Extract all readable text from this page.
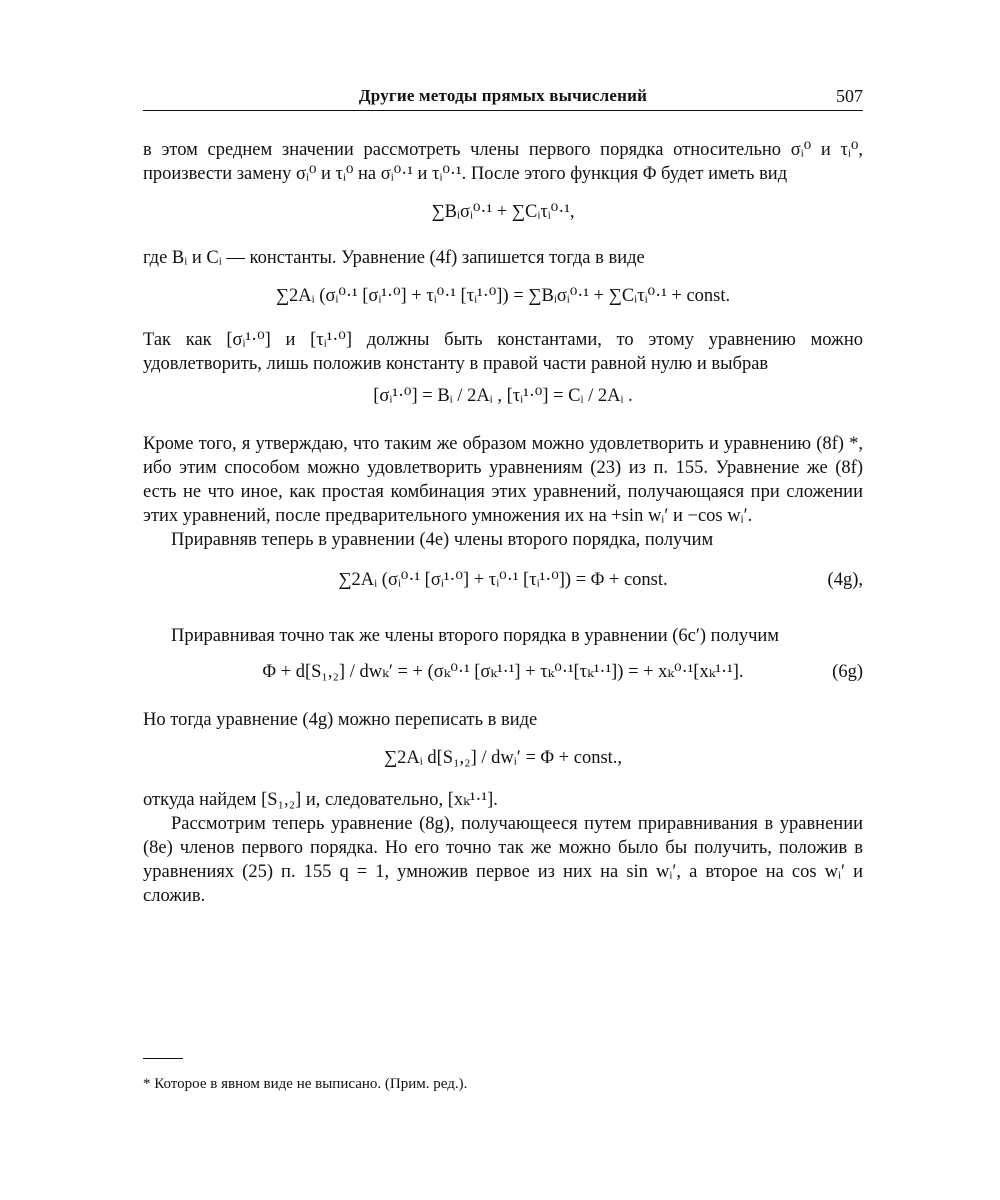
Другие методы прямых вычислений	507

в этом среднем значении рассмотреть члены первого порядка относительно σᵢ⁰ и τᵢ⁰, произвести замену σᵢ⁰ и τᵢ⁰ на σᵢ⁰·¹ и τᵢ⁰·¹. После этого функция Φ будет иметь вид

∑Bᵢσᵢ⁰·¹ + ∑Cᵢτᵢ⁰·¹,

где Bᵢ и Cᵢ — константы. Уравнение (4f) запишется тогда в виде

∑2Aᵢ (σᵢ⁰·¹ [σᵢ¹·⁰] + τᵢ⁰·¹ [τᵢ¹·⁰]) = ∑Bᵢσᵢ⁰·¹ + ∑Cᵢτᵢ⁰·¹ + const.

Так как [σᵢ¹·⁰] и [τᵢ¹·⁰] должны быть константами, то этому уравнению можно удовлетворить, лишь положив константу в правой части равной нулю и выбрав

[σᵢ¹·⁰] = Bᵢ / 2Aᵢ , [τᵢ¹·⁰] = Cᵢ / 2Aᵢ .

Кроме того, я утверждаю, что таким же образом можно удовлетворить и уравнению (8f) *, ибо этим способом можно удовлетворить уравнениям (23) из п. 155. Уравнение же (8f) есть не что иное, как простая комбинация этих уравнений, получающаяся при сложении этих уравнений, после предварительного умножения их на +sin wᵢ′ и −cos wᵢ′.

Приравняв теперь в уравнении (4e) члены второго порядка, получим

∑2Aᵢ (σᵢ⁰·¹ [σᵢ¹·⁰] + τᵢ⁰·¹ [τᵢ¹·⁰]) = Φ + const.	(4g),

Приравнивая точно так же члены второго порядка в уравнении (6c′) получим

Φ + d[S₁,₂] / dwₖ′ = + (σₖ⁰·¹ [σₖ¹·¹] + τₖ⁰·¹[τₖ¹·¹]) = + xₖ⁰·¹[xₖ¹·¹].	(6g)

Но тогда уравнение (4g) можно переписать в виде

∑2Aᵢ d[S₁,₂] / dwᵢ′ = Φ + const.,

откуда найдем [S₁,₂] и, следовательно, [xₖ¹·¹].

Рассмотрим теперь уравнение (8g), получающееся путем приравнивания в уравнении (8e) членов первого порядка. Но его точно так же можно было бы получить, положив в уравнениях (25) п. 155 q = 1, умножив первое из них на sin wᵢ′, а второе на cos wᵢ′ и сложив.

* Которое в явном виде не выписано. (Прим. ред.).
